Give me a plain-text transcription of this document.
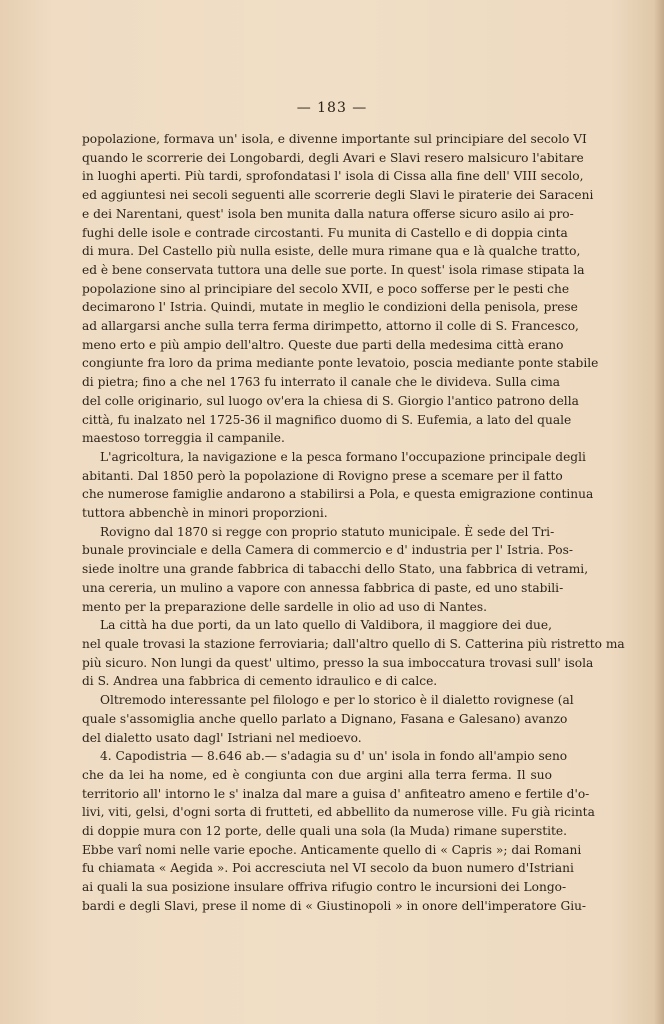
— 183 —
popolazione, formava un' isola, e divenne importante sul principiare del secolo VI
quando le scorrerie dei Longobardi, degli Avari e Slavi resero malsicuro l'abitare
in luoghi aperti. Più tardi, sprofondatasi l' isola di Cissa alla fine dell' VIII secolo,
ed aggiuntesi nei secoli seguenti alle scorrerie degli Slavi le piraterie dei Saraceni
e dei Narentani, quest' isola ben munita dalla natura offerse sicuro asilo ai pro-
fughi delle isole e contrade circostanti. Fu munita di Castello e di doppia cinta
di mura. Del Castello più nulla esiste, delle mura rimane qua e là qualche tratto,
ed è bene conservata tuttora una delle sue porte. In quest' isola rimase stipata la
popolazione sino al principiare del secolo XVII, e poco sofferse per le pesti che
decimarono l' Istria. Quindi, mutate in meglio le condizioni della penisola, prese
ad allargarsi anche sulla terra ferma dirimpetto, attorno il colle di S. Francesco,
meno erto e più ampio dell'altro. Queste due parti della medesima città erano
congiunte fra loro da prima mediante ponte levatoio, poscia mediante ponte stabile
di pietra; fino a che nel 1763 fu interrato il canale che le divideva. Sulla cima
del colle originario, sul luogo ov'era la chiesa di S. Giorgio l'antico patrono della
città, fu inalzato nel 1725-36 il magnifico duomo di S. Eufemia, a lato del quale
maestoso torreggia il campanile.
L'agricoltura, la navigazione e la pesca formano l'occupazione principale degli
abitanti. Dal 1850 però la popolazione di Rovigno prese a scemare per il fatto
che numerose famiglie andarono a stabilirsi a Pola, e questa emigrazione continua
tuttora abbenchè in minori proporzioni.
Rovigno dal 1870 si regge con proprio statuto municipale. È sede del Tri-
bunale provinciale e della Camera di commercio e d' industria per l' Istria. Pos-
siede inoltre una grande fabbrica di tabacchi dello Stato, una fabbrica di vetrami,
una cereria, un mulino a vapore con annessa fabbrica di paste, ed uno stabili-
mento per la preparazione delle sardelle in olio ad uso di Nantes.
La città ha due porti, da un lato quello di Valdibora, il maggiore dei due,
nel quale trovasi la stazione ferroviaria; dall'altro quello di S. Catterina più ristretto ma
più sicuro. Non lungi da quest' ultimo, presso la sua imboccatura trovasi sull' isola
di S. Andrea una fabbrica di cemento idraulico e di calce.
Oltremodo interessante pel filologo e per lo storico è il dialetto rovignese (al
quale s'assomiglia anche quello parlato a Dignano, Fasana e Galesano) avanzo
del dialetto usato dagl' Istriani nel medioevo.
4. Capodistria — 8.646 ab.— s'adagia su d' un' isola in fondo all'ampio seno
che da lei ha nome, ed è congiunta con due argini alla terra ferma. Il suo
territorio all' intorno le s' inalza dal mare a guisa d' anfiteatro ameno e fertile d'o-
livi, viti, gelsi, d'ogni sorta di frutteti, ed abbellito da numerose ville. Fu già ricinta
di doppie mura con 12 porte, delle quali una sola (la Muda) rimane superstite.
Ebbe varî nomi nelle varie epoche. Anticamente quello di « Capris »; dai Romani
fu chiamata « Aegida ». Poi accresciuta nel VI secolo da buon numero d'Istriani
ai quali la sua posizione insulare offriva rifugio contro le incursioni dei Longo-
bardi e degli Slavi, prese il nome di « Giustinopoli » in onore dell'imperatore Giu-
